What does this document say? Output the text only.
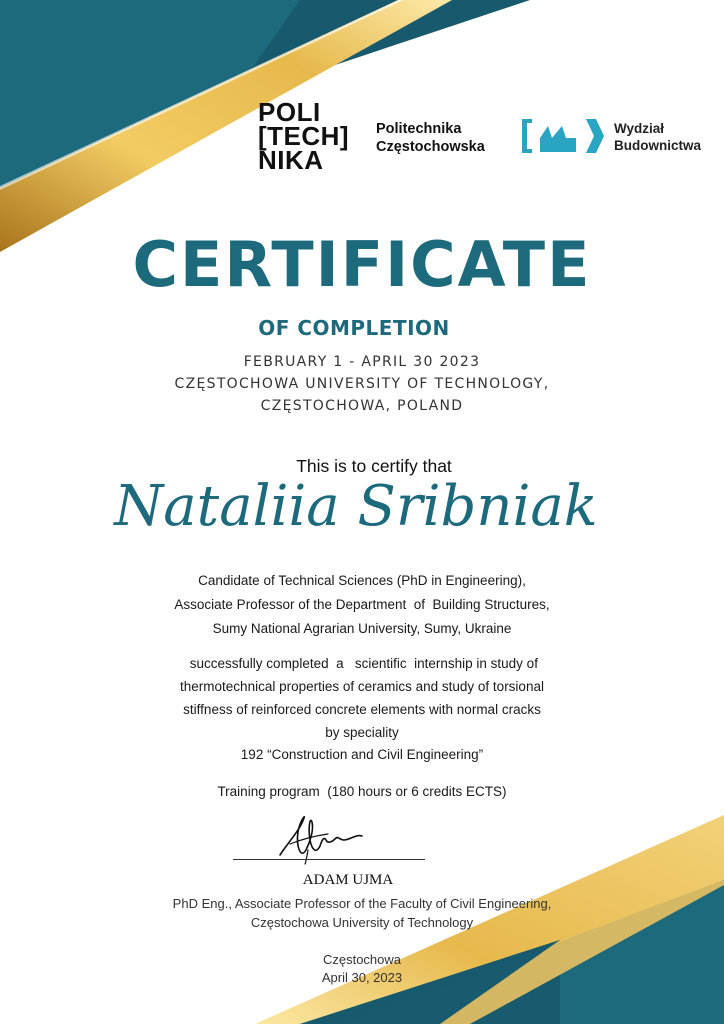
POLI
[TECH]
NIKA
Politechnika
Częstochowska
Wydział
Budownictwa
CERTIFICATE
OF COMPLETION
FEBRUARY 1 - APRIL 30 2023
CZĘSTOCHOWA UNIVERSITY OF TECHNOLOGY,
CZĘSTOCHOWA, POLAND
This is to certify that
Nataliia Sribniak
Candidate of Technical Sciences (PhD in Engineering),
Associate Professor of the Department  of  Building Structures,
Sumy National Agrarian University, Sumy, Ukraine
successfully completed  a   scientific  internship in study of
thermotechnical properties of ceramics and study of torsional
stiffness of reinforced concrete elements with normal cracks
by speciality
192 “Construction and Civil Engineering”
Training program  (180 hours or 6 credits ECTS)
ADAM UJMA
PhD Eng., Associate Professor of the Faculty of Civil Engineering,
Częstochowa University of Technology
Częstochowa
April 30, 2023
